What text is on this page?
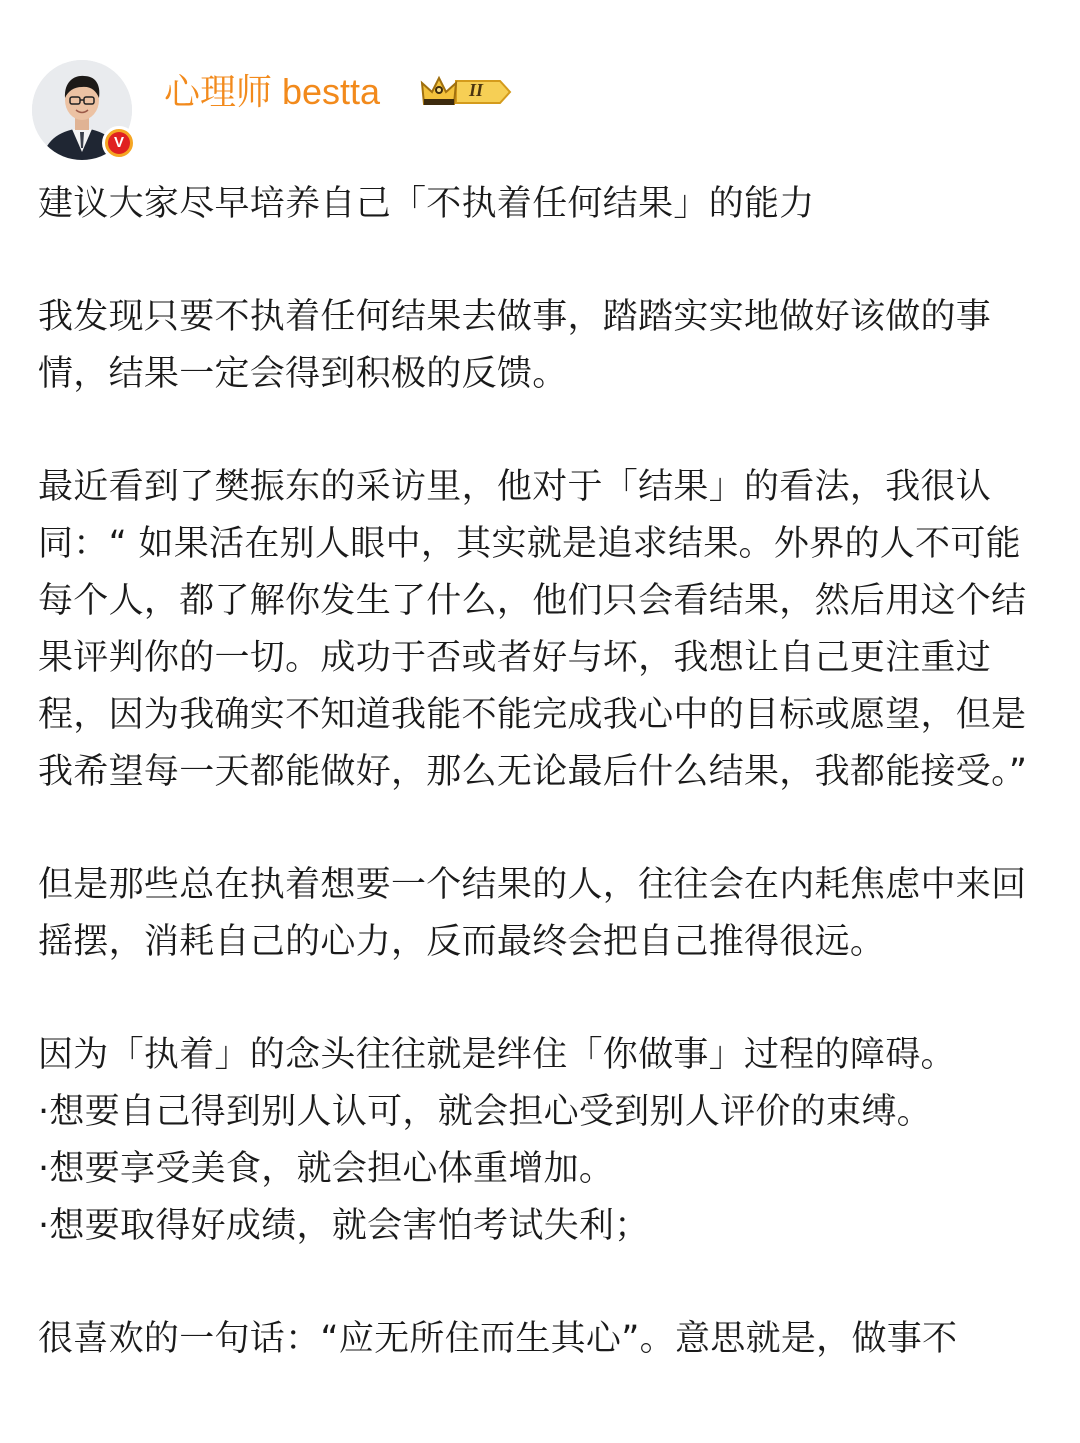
V
心理师 bestta	II

建议大家尽早培养自己「不执着任何结果」的能力

我发现只要不执着任何结果去做事，踏踏实实地做好该做的事情，结果一定会得到积极的反馈。

最近看到了樊振东的采访里，他对于「结果」的看法，我很认同：“ 如果活在别人眼中，其实就是追求结果。外界的人不可能每个人，都了解你发生了什么，他们只会看结果，然后用这个结果评判你的一切。成功于否或者好与坏，我想让自己更注重过程，因为我确实不知道我能不能完成我心中的目标或愿望，但是我希望每一天都能做好，那么无论最后什么结果，我都能接受。”

但是那些总在执着想要一个结果的人，往往会在内耗焦虑中来回摇摆，消耗自己的心力，反而最终会把自己推得很远。

因为「执着」的念头往往就是绊住「你做事」过程的障碍。

·想要自己得到别人认可，就会担心受到别人评价的束缚。

·想要享受美食，就会担心体重增加。

·想要取得好成绩，就会害怕考试失利；

很喜欢的一句话：“应无所住而生其心”。意思就是，做事不
